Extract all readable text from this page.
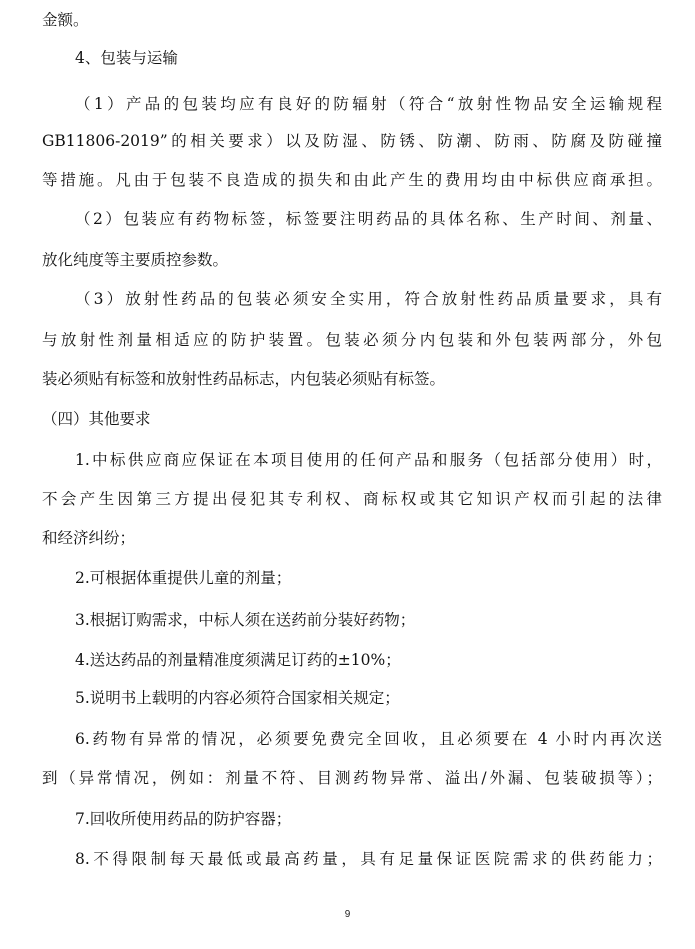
金额。
4、包装与运输
（1）产品的包装均应有良好的防辐射（符合“放射性物品安全运输规程
GB11806-2019”的相关要求）以及防湿、防锈、防潮、防雨、防腐及防碰撞
等措施。凡由于包装不良造成的损失和由此产生的费用均由中标供应商承担。
（2）包装应有药物标签，标签要注明药品的具体名称、生产时间、剂量、
放化纯度等主要质控参数。
（3）放射性药品的包装必须安全实用，符合放射性药品质量要求，具有
与放射性剂量相适应的防护装置。包装必须分内包装和外包装两部分，外包
装必须贴有标签和放射性药品标志，内包装必须贴有标签。
（四）其他要求
1.中标供应商应保证在本项目使用的任何产品和服务（包括部分使用）时，
不会产生因第三方提出侵犯其专利权、商标权或其它知识产权而引起的法律
和经济纠纷；
2.可根据体重提供儿童的剂量；
3.根据订购需求，中标人须在送药前分装好药物；
4.送达药品的剂量精准度须满足订药的±10%；
5.说明书上载明的内容必须符合国家相关规定；
6.药物有异常的情况，必须要免费完全回收，且必须要在 4 小时内再次送
到（异常情况，例如：剂量不符、目测药物异常、溢出/外漏、包装破损等）；
7.回收所使用药品的防护容器；
8.不得限制每天最低或最高药量，具有足量保证医院需求的供药能力；
9
